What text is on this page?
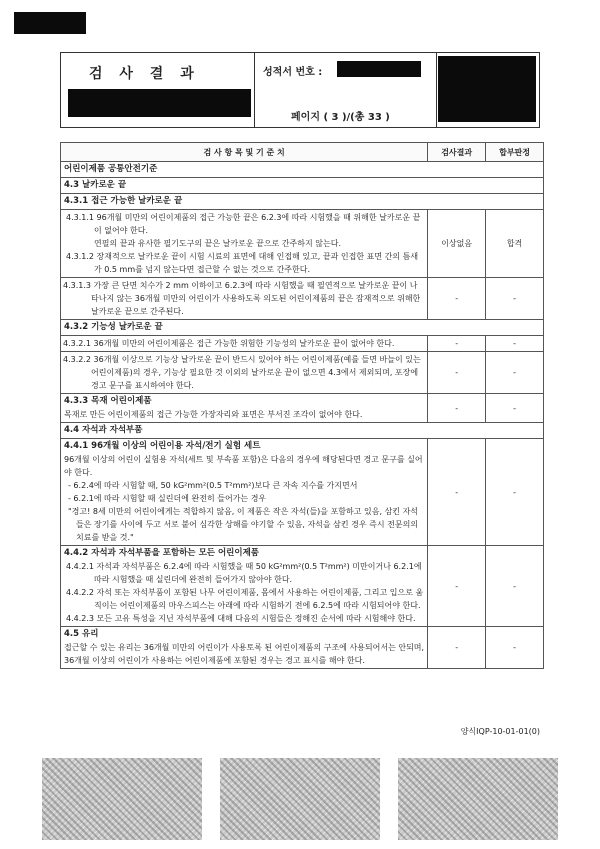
검 사 결 과	성적서 번호 :
페이지 ( 3 )/(총 33 )
검 사 항 목 및 기 준 치	검사결과	합부판정
어린이제품 공통안전기준		
4.3 날카로운 끝		
4.3.1 접근 가능한 날카로운 끝		

4.3.1.1 96개월 미만의 어린이제품의 접근 가능한 끝은 6.2.3에 따라 시험했을 때 위해한 날카로운 끝이 없어야 한다.
연필의 끝과 유사한 필기도구의 끝은 날카로운 끝으로 간주하지 않는다.
4.3.1.2 장재적으로 날카로운 끝이 시험 시료의 표면에 대해 인접해 있고, 끝과 인접한 표면 간의 틈새가 0.5 mm를 넘지 않는다면 접근할 수 없는 것으로 간주한다.	이상없음	합격
4.3.1.3 가장 큰 단면 치수가 2 mm 이하이고 6.2.3에 따라 시험했을 때 필연적으로 날카로운 끝이 나타나지 않는 36개월 미만의 어린이가 사용하도록 의도된 어린이제품의 끝은 잠재적으로 위해한 날카로운 끝으로 간주된다.	-	-
4.3.2 기능성 날카로운 끝		
4.3.2.1 36개월 미만의 어린이제품은 접근 가능한 위험한 기능성의 날카로운 끝이 없어야 한다.	-	-
4.3.2.2 36개월 이상으로 기능상 날카로운 끝이 반드시 있어야 하는 어린이제품(예를 들면 바늘이 있는 어린이제품)의 경우, 기능상 필요한 것 이외의 날카로운 끝이 없으면 4.3에서 제외되며, 포장에 경고 문구를 표시하여야 한다.	-	-

4.3.3 목재 어린이제품
목재로 만든 어린이제품의 접근 가능한 가장자리와 표면은 부서진 조각이 없어야 한다.	-	-
4.4 자석과 자석부품		

4.4.1 96개월 이상의 어린이용 자석/전기 실험 세트
96개월 이상의 어린이 실험용 자석(세트 및 부속품 포함)은 다음의 경우에 해당된다면 경고 문구를 실어야 한다.
- 6.2.4에 따라 시험할 때, 50 kG²mm²(0.5 T²mm²)보다 큰 자속 지수를 가지면서
- 6.2.1에 따라 시험할 때 실린더에 완전히 들어가는 경우
"경고! 8세 미만의 어린이에게는 적합하지 않음, 이 제품은 작은 자석(들)을 포함하고 있음, 삼킨 자석들은 장기를 사이에 두고 서로 붙어 심각한 상해를 야기할 수 있음, 자석을 삼킨 경우 즉시 전문의의 치료를 받을 것."	-	-

4.4.2 자석과 자석부품을 포함하는 모든 어린이제품
4.4.2.1 자석과 자석부품은 6.2.4에 따라 시험했을 때 50 kG²mm²(0.5 T²mm²) 미만이거나 6.2.1에 따라 시험했을 때 실린더에 완전히 들어가지 않아야 한다.
4.4.2.2 자석 또는 자석부품이 포함된 나무 어린이제품, 몸에서 사용하는 어린이제품, 그리고 입으로 움직이는 어린이제품의 마우스피스는 아래에 따라 시험하기 전에 6.2.5에 따라 시험되어야 한다.
4.4.2.3 모든 고유 특성을 지닌 자석부품에 대해 다음의 시험들은 정해진 순서에 따라 시험해야 한다.	-	-

4.5 유리
접근할 수 있는 유리는 36개월 미만의 어린이가 사용토록 된 어린이제품의 구조에 사용되어서는 안되며, 36개월 이상의 어린이가 사용하는 어린이제품에 포함된 경우는 경고 표시를 해야 한다.	-	-
양식IQP-10-01-01(0)
